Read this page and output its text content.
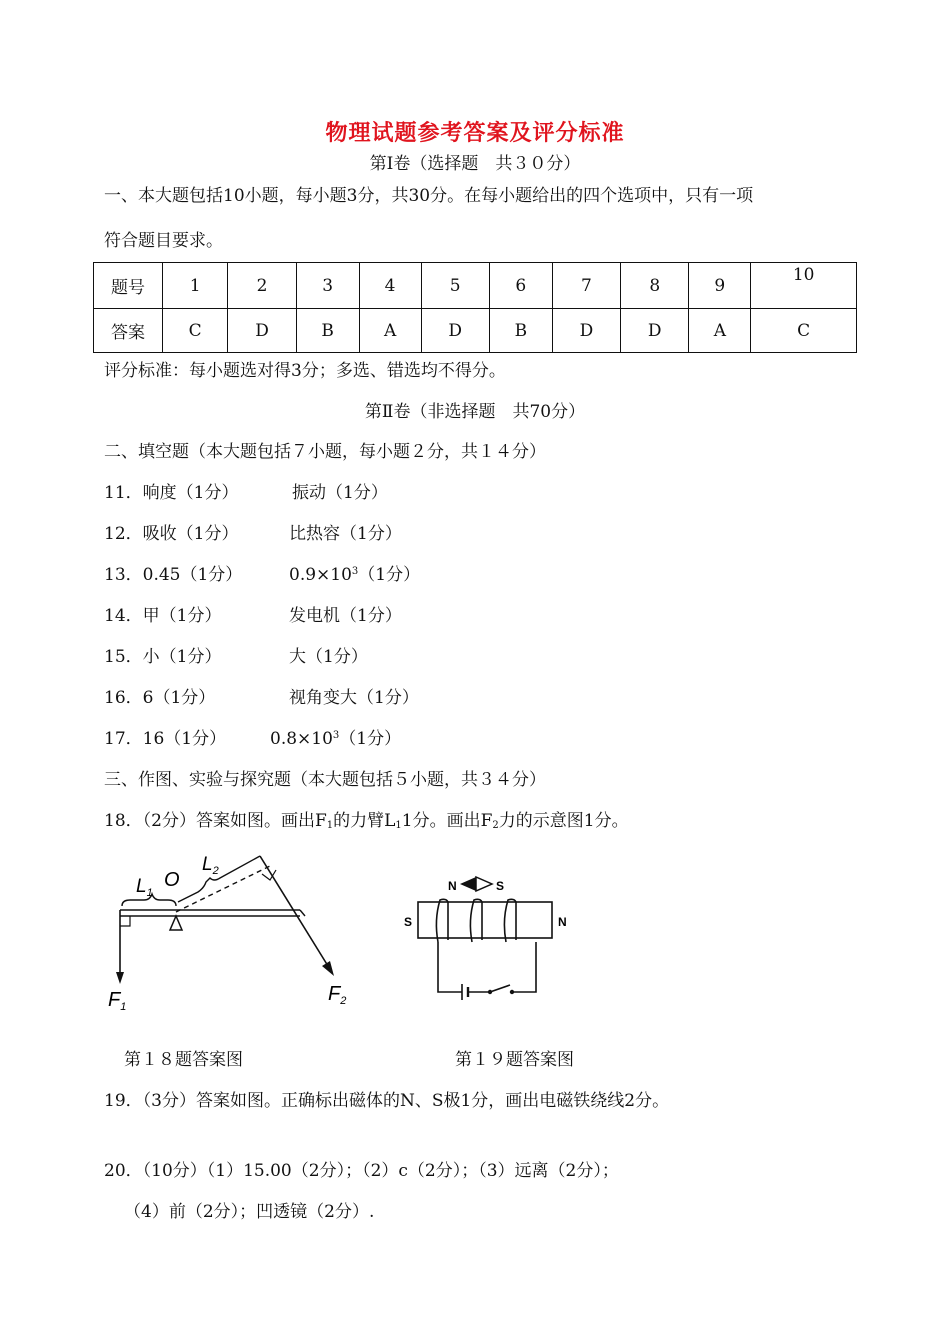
物理试题参考答案及评分标准
第Ⅰ卷（选择题　共３０分）
一、本大题包括10小题，每小题3分，共30分。在每小题给出的四个选项中，只有一项
符合题目要求。
题号	1	2	3	4	5	6	7	8	9	10
答案	C	D	B	A	D	B	D	D	A	C
评分标准：每小题选对得3分；多选、错选均不得分。
第Ⅱ卷（非选择题　共70分）
二、填空题（本大题包括７小题，每小题２分，共１４分）
11．响度（1分）	振动（1分）
12．吸收（1分）	比热容（1分）
13．0.45（1分）	$0.9\times 10^3(1$分）
14．甲（1分）	发电机（1分）
15．小（1分）	大（1分）
16．6（1分）	视角变大（1分）
17．16（1分）	$0.8\times 10^3(1$分）
三、作图、实验与探究题（本大题包括５小题，共３４分）
18．（2分）答案如图。画出$F_1$的力臂$L_11$分。画出$F_2$力的示意图1分。
$L_1$
O
$L_2$
$F_1$
$F_2$
N	S
S	N
第１８题答案图	第１９题答案图
19．（3分）答案如图。正确标出磁体的N、S极1分，画出电磁铁绕线2分。
20．（10分）（1）15.00（2分）；（2）c（2分）；（3）远离（2分）；
（4）前（2分）；凹透镜（2分）.
